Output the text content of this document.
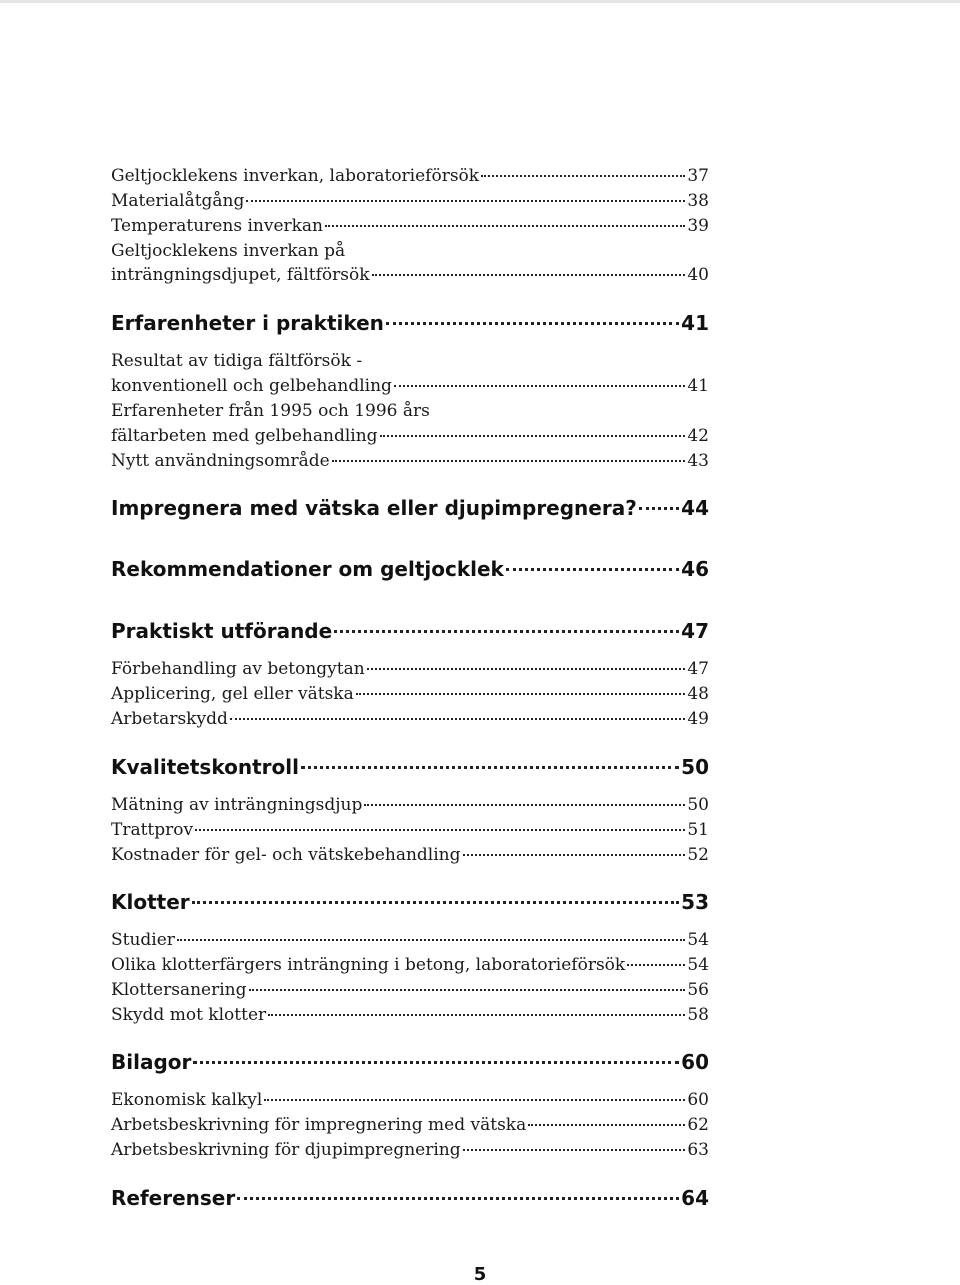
Geltjocklekens inverkan, laboratorieförsök	37
Materialåtgång	38
Temperaturens inverkan	39
Geltjocklekens inverkan på
inträngningsdjupet, fältförsök	40
Erfarenheter i praktiken	41
Resultat av tidiga fältförsök -
konventionell och gelbehandling	41
Erfarenheter från 1995 och 1996 års
fältarbeten med gelbehandling	42
Nytt användningsområde	43
Impregnera med vätska eller djupimpregnera? 44
Rekommendationer om geltjocklek	46
Praktiskt utförande	47
Förbehandling av betongytan	47
Applicering, gel eller vätska	48
Arbetarskydd	49
Kvalitetskontroll	50
Mätning av inträngningsdjup	50
Trattprov	51
Kostnader för gel- och vätskebehandling	52
Klotter	53
Studier	54
Olika klotterfärgers inträngning i betong, laboratorieförsök	54
Klottersanering	56
Skydd mot klotter	58
Bilagor	60
Ekonomisk kalkyl	60
Arbetsbeskrivning för impregnering med vätska	62
Arbetsbeskrivning för djupimpregnering	63
Referenser	64
5
